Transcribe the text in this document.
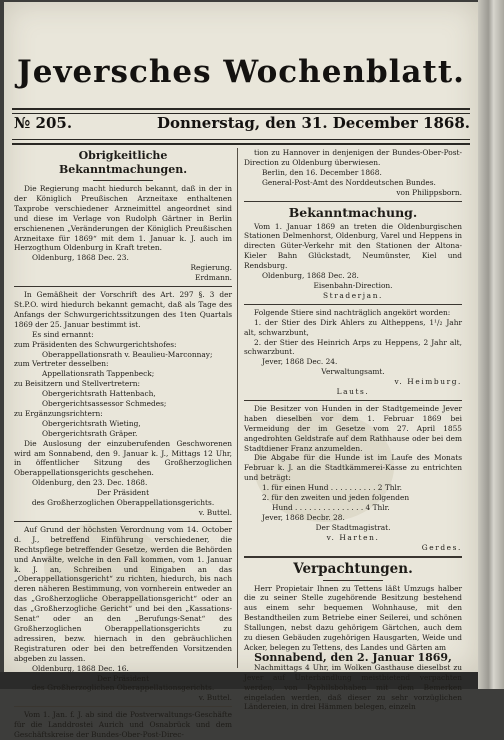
Jeversches Wochenblatt.
№ 205.	Donnerstag, den 31. December 1868.
Obrigkeitliche Bekanntmachungen.

Die Regierung macht hiedurch bekannt, daß in der in der Königlich Preußischen Arzneitaxe enthaltenen Taxprobe verschiedener Arzneimittel angeordnet sind und diese im Verlage von Rudolph Gärtner in Berlin erschienenen „Veränderungen der Königlich Preußischen Arzneitaxe für 1869“ mit dem 1. Januar k. J. auch im Herzogthum Oldenburg in Kraft treten.

Oldenburg, 1868 Dec. 23.

Regierung.

Erdmann.

In Gemäßheit der Vorschrift des Art. 297 §. 3 der St.P.O. wird hiedurch bekannt gemacht, daß als Tage des Anfangs der Schwurgerichtssitzungen des 1ten Quartals 1869 der 25. Januar bestimmt ist.

Es sind ernannt:

zum Präsidenten des Schwurgerichtshofes:

Oberappellationsrath v. Beaulieu-Marconnay;

zum Vertreter desselben:

Appellationsrath Tappenbeck;

zu Beisitzern und Stellvertretern:

Obergerichtsrath Hattenbach,

Obergerichtsassessor Schmedes;

zu Ergänzungsrichtern:

Obergerichtsrath Wieting,

Obergerichtsrath Gräper.

Die Auslosung der einzuberufenden Geschworenen wird am Sonnabend, den 9. Januar k. J., Mittags 12 Uhr, in öffentlicher Sitzung des Großherzoglichen Oberappellationsgerichts geschehen.

Oldenburg, den 23. Dec. 1868.

Der Präsident

des Großherzoglichen Oberappellationsgerichts.

v. Buttel.

Auf Grund der höchsten Verordnung vom 14. October d. J., betreffend Einführung verschiedener, die Rechtspflege betreffender Gesetze, werden die Behörden und Anwälte, welche in den Fall kommen, vom 1. Januar k. J. an, Schreiben und Eingaben an das „Oberappellationsgericht“ zu richten, hiedurch, bis nach deren näheren Bestimmung, von vornherein entweder an das „Großherzogliche Oberappellationsgericht“ oder an das „Großherzogliche Gericht“ und bei den „Kassations-Senat“ oder an den „Berufungs-Senat“ des Großherzoglichen Oberappellationsgerichts zu adressiren, bezw. hiernach in den gebräuchlichen Registraturen oder bei den betreffenden Vorsitzenden abgeben zu lassen.

Oldenburg, 1868 Dec. 16.

Der Präsident

des Großherzoglichen Oberappellationsgerichts.

v. Buttel.

Vom 1. Jan. f. J. ab sind die Postverwaltungs-Geschäfte für die Landdrostei Aurich und Osnabrück und dem Geschäftskreise der Bundes-Ober-Post-Direc-

tion zu Hannover in denjenigen der Bundes-Ober-Post-Direction zu Oldenburg überwiesen.

Berlin, den 16. December 1868.

General-Post-Amt des Norddeutschen Bundes.

von Philippsborn.

Bekanntmachung.

Vom 1. Januar 1869 an treten die Oldenburgischen Stationen Delmenhorst, Oldenburg, Varel und Heppens in directen Güter-Verkehr mit den Stationen der Altona-Kieler Bahn Glückstadt, Neumünster, Kiel und Rendsburg.

Oldenburg, 1868 Dec. 28.

Eisenbahn-Direction.

Straderjan.

Folgende Stiere sind nachträglich angekört worden:

1. der Stier des Dirk Ahlers zu Altheppens, 1¹/₂ Jahr alt, schwarzbunt,

2. der Stier des Heinrich Arps zu Heppens, 2 Jahr alt, schwarzbunt.

Jever, 1868 Dec. 24.

Verwaltungsamt.

v. Heimburg.

Lauts.

Die Besitzer von Hunden in der Stadtgemeinde Jever haben dieselben vor dem 1. Februar 1869 bei Vermeidung der im Gesetze vom 27. April 1855 angedrohten Geldstrafe auf dem Rathhause oder bei dem Stadtdiener Franz anzumelden.

Die Abgabe für die Hunde ist im Laufe des Monats Februar k. J. an die Stadtkämmerei-Kasse zu entrichten und beträgt:

1. für einen Hund . . . . . . . . . . 2 Thlr.

2. für den zweiten und jeden folgenden

Hund . . . . . . . . . . . . . . . 4 Thlr.

Jever, 1868 Decbr. 28.

Der Stadtmagistrat.

v. Harten.

Gerdes.

Verpachtungen.

Herr Propietair Ihnen zu Tettens läßt Umzugs halber die zu seiner Stelle zugehörende Besitzung bestehend aus einem sehr bequemen Wohnhause, mit den Bestandtheilen zum Betriebe einer Seilerei, und schönen Stallungen, nebst dazu gehörigem Gärtchen, auch dem zu diesen Gebäuden zugehörigen Hausgarten, Weide und Acker, belegen zu Tettens, des Landes und Gärten am

Sonnabend, den 2. Januar 1869,

Nachmittags 4 Uhr, im Wolken Gasthause dieselbst zu Jever auf Unterhandlung meistbietend verpachten werden, von Paphilsbohaben mit dem Bemerken eingeladen werden, daß dieser zu sehr vorzüglichen Ländereien, in drei Hämmen belegen, einzeln
